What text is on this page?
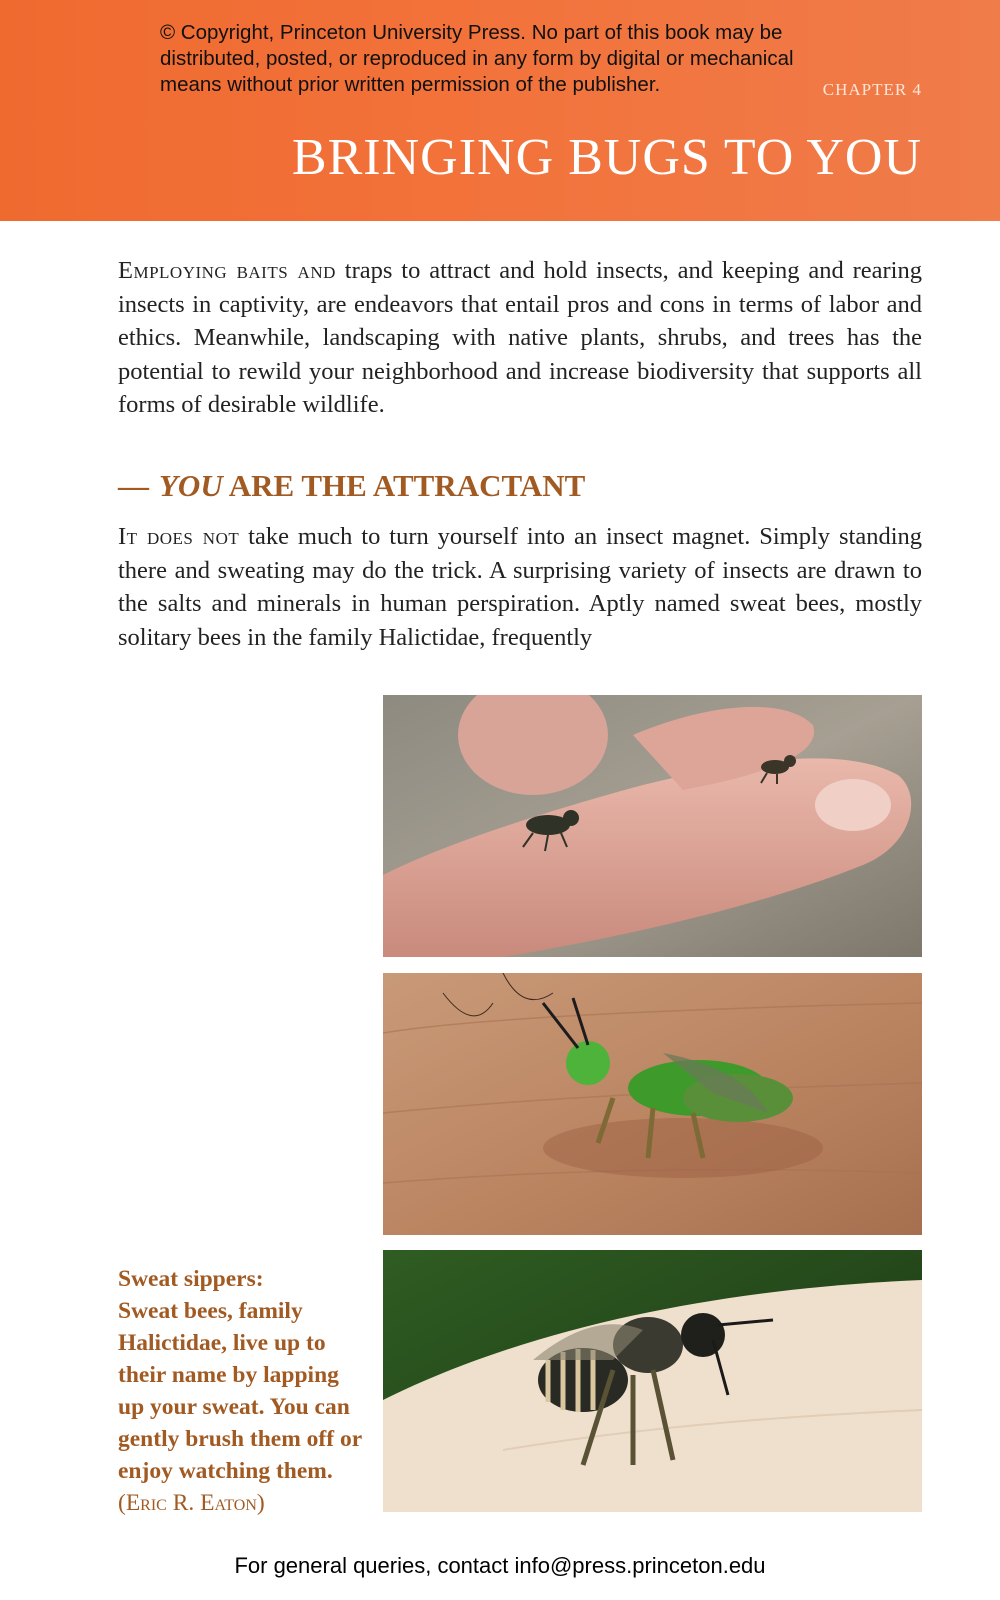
© Copyright, Princeton University Press. No part of this book may be distributed, posted, or reproduced in any form by digital or mechanical means without prior written permission of the publisher.	CHAPTER 4
BRINGING BUGS TO YOU

Employing baits and traps to attract and hold insects, and keeping and rearing insects in captivity, are endeavors that entail pros and cons in terms of labor and ethics. Meanwhile, landscaping with native plants, shrubs, and trees has the potential to rewild your neighborhood and increase biodiversity that supports all forms of desirable wildlife.

— YOU ARE THE ATTRACTANT

It does not take much to turn yourself into an insect magnet. Simply standing there and sweating may do the trick. A surprising variety of insects are drawn to the salts and minerals in human perspiration. Aptly named sweat bees, mostly solitary bees in the family Halictidae, frequently

Sweat sippers:
Sweat bees, family Halictidae, live up to their name by lapping up your sweat. You can gently brush them off or enjoy watching them. (Eric R. Eaton)

For general queries, contact info@press.princeton.edu
